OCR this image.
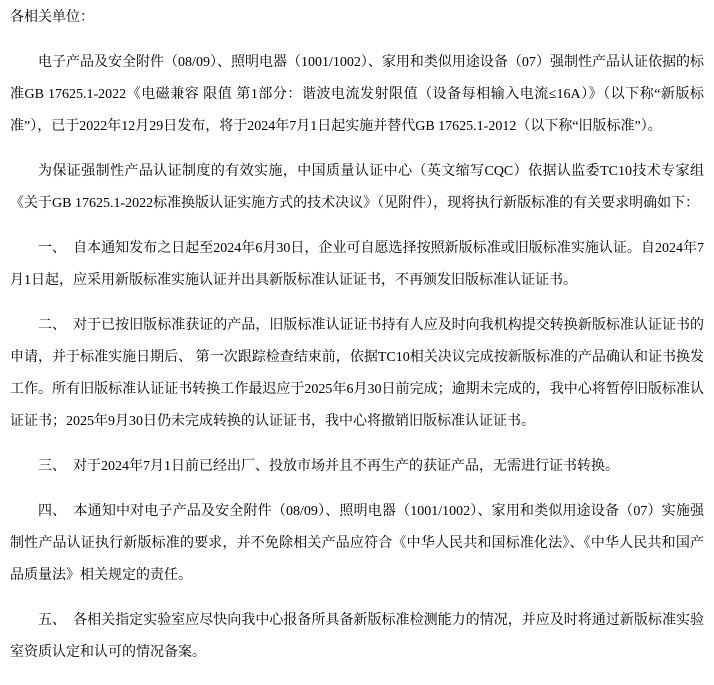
各相关单位：

电子产品及安全附件（08/09）、照明电器（1001/1002）、家用和类似用途设备（07）强制性产品认证依据的标准GB 17625.1-2022《电磁兼容 限值 第1部分：谐波电流发射限值（设备每相输入电流≤16A）》（以下称“新版标准”），已于2022年12月29日发布，将于2024年7月1日起实施并替代GB 17625.1-2012（以下称“旧版标准”）。

为保证强制性产品认证制度的有效实施，中国质量认证中心（英文缩写CQC）依据认监委TC10技术专家组《关于GB 17625.1-2022标准换版认证实施方式的技术决议》（见附件），现将执行新版标准的有关要求明确如下：

一、　自本通知发布之日起至2024年6月30日，企业可自愿选择按照新版标准或旧版标准实施认证。自2024年7月1日起，应采用新版标准实施认证并出具新版标准认证证书，不再颁发旧版标准认证证书。

二、　对于已按旧版标准获证的产品，旧版标准认证证书持有人应及时向我机构提交转换新版标准认证证书的申请，并于标准实施日期后、 第一次跟踪检查结束前，依据TC10相关决议完成按新版标准的产品确认和证书换发工作。所有旧版标准认证证书转换工作最迟应于2025年6月30日前完成；逾期未完成的，我中心将暂停旧版标准认证证书；2025年9月30日仍未完成转换的认证证书，我中心将撤销旧版标准认证证书。

三、　对于2024年7月1日前已经出厂、投放市场并且不再生产的获证产品，无需进行证书转换。

四、　本通知中对电子产品及安全附件（08/09）、照明电器（1001/1002）、家用和类似用途设备（07）实施强制性产品认证执行新版标准的要求，并不免除相关产品应符合《中华人民共和国标准化法》、《中华人民共和国产品质量法》相关规定的责任。

五、　各相关指定实验室应尽快向我中心报备所具备新版标准检测能力的情况，并应及时将通过新版标准实验室资质认定和认可的情况备案。
